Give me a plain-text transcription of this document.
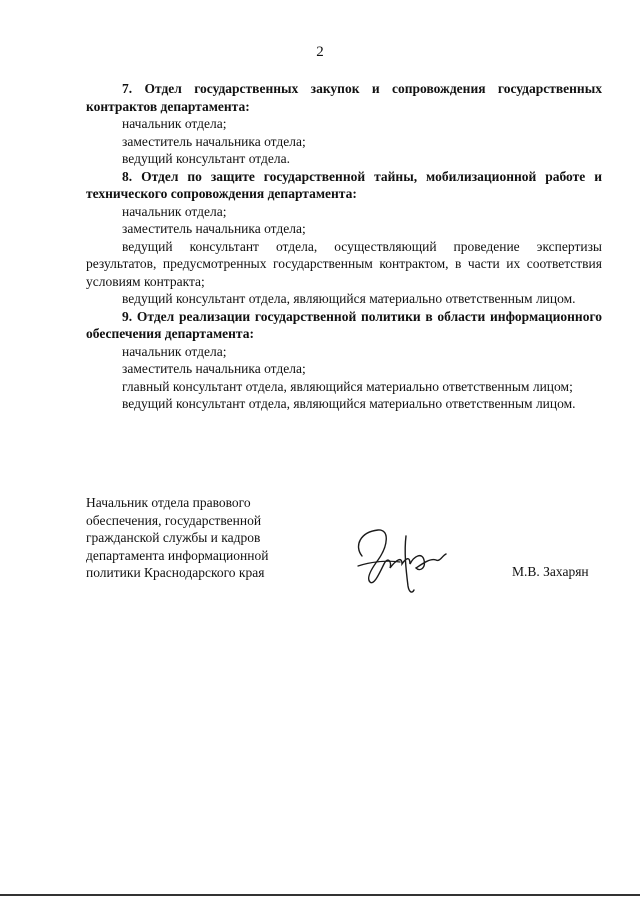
2
7. Отдел государственных закупок и сопровождения государственных контрактов департамента:
начальник отдела;
заместитель начальника отдела;
ведущий консультант отдела.
8. Отдел по защите государственной тайны, мобилизационной работе и технического сопровождения департамента:
начальник отдела;
заместитель начальника отдела;
ведущий консультант отдела, осуществляющий проведение экспертизы результатов, предусмотренных государственным контрактом, в части их соответствия условиям контракта;
ведущий консультант отдела, являющийся материально ответственным лицом.
9. Отдел реализации государственной политики в области информационного обеспечения департамента:
начальник отдела;
заместитель начальника отдела;
главный консультант отдела, являющийся материально ответственным лицом;
ведущий консультант отдела, являющийся материально ответственным лицом.
Начальник отдела правового
обеспечения, государственной
гражданской службы и кадров
департамента информационной
политики Краснодарского края	М.В. Захарян
